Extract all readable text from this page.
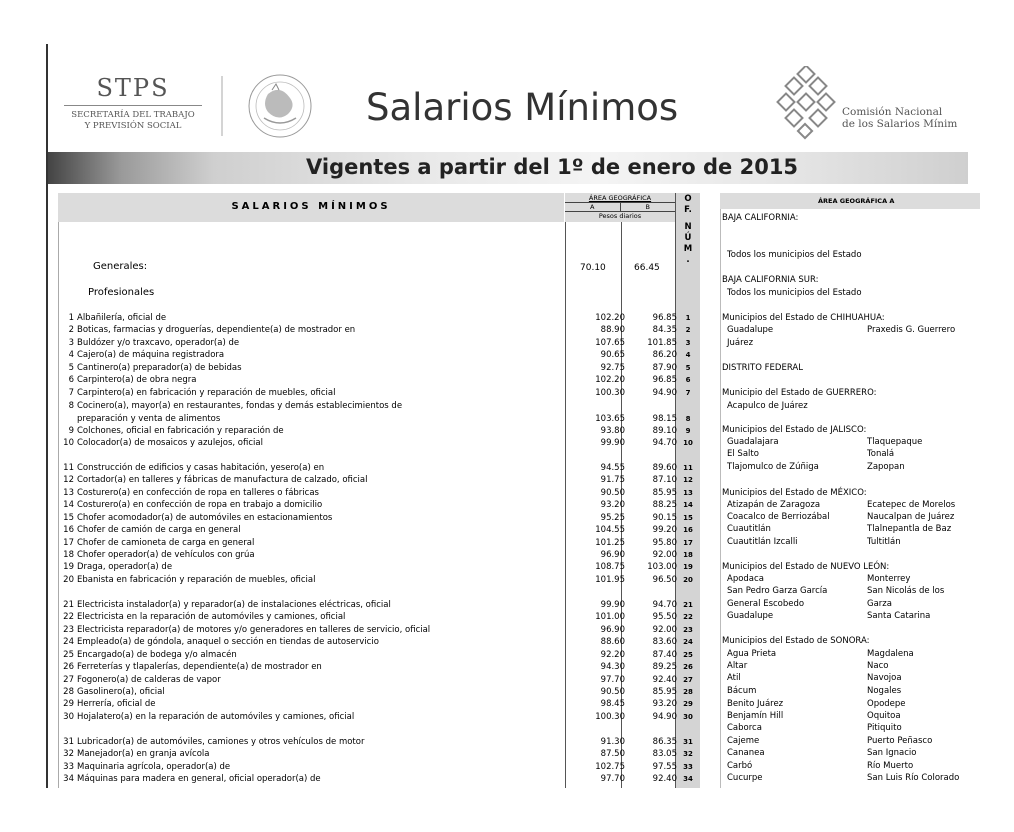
STPS
SECRETARÍA DEL TRABAJO
Y PREVISIÓN SOCIAL	Salarios Mínimos	Comisión Nacional
de los Salarios Mínim
Vigentes a partir del 1º de enero de 2015
SALARIOS MÍNIMOS
ÁREA GEOGRÁFICA
A	B
Pesos diarios
O F.
N Ú M.
Generales:	70.10	66.45
Profesionales
1 Albañilería, oficial de	102.20	96.85	1
2 Boticas, farmacias y droguerías, dependiente(a) de mostrador en	88.90	84.35	2
3 Buldózer y/o traxcavo, operador(a) de	107.65	101.85	3
4 Cajero(a) de máquina registradora	90.65	86.20	4
5 Cantinero(a) preparador(a) de bebidas	92.75	87.90	5
6 Carpintero(a) de obra negra	102.20	96.85	6
7 Carpintero(a) en fabricación y reparación de muebles, oficial	100.30	94.90	7
8 Cocinero(a), mayor(a) en restaurantes, fondas y demás establecimientos de
preparación y venta de alimentos	103.65	98.15	8
9 Colchones, oficial en fabricación y reparación de	93.80	89.10	9
10 Colocador(a) de mosaicos y azulejos, oficial	99.90	94.70 10
11 Construcción de edificios y casas habitación, yesero(a) en	94.55	89.60 11
12 Cortador(a) en talleres y fábricas de manufactura de calzado, oficial	91.75	87.10 12
13 Costurero(a) en confección de ropa en talleres o fábricas	90.50	85.95 13
14 Costurero(a) en confección de ropa en trabajo a domicilio	93.20	88.25 14
15 Chofer acomodador(a) de automóviles en estacionamientos	95.25	90.15 15
16 Chofer de camión de carga en general	104.55	99.20 16
17 Chofer de camioneta de carga en general	101.25	95.80 17
18 Chofer operador(a) de vehículos con grúa	96.90	92.00 18
19 Draga, operador(a) de	108.75	103.00 19
20 Ebanista en fabricación y reparación de muebles, oficial	101.95	96.50 20
21 Electricista instalador(a) y reparador(a) de instalaciones eléctricas, oficial	99.90	94.70 21
22 Electricista en la reparación de automóviles y camiones, oficial	101.00	95.50 22
23 Electricista reparador(a) de motores y/o generadores en talleres de servicio, oficial	96.90	92.00 23
24 Empleado(a) de góndola, anaquel o sección en tiendas de autoservicio	88.60	83.60 24
25 Encargado(a) de bodega y/o almacén	92.20	87.40 25
26 Ferreterías y tlapalerías, dependiente(a) de mostrador en	94.30	89.25 26
27 Fogonero(a) de calderas de vapor	97.70	92.40 27
28 Gasolinero(a), oficial	90.50	85.95 28
29 Herrería, oficial de	98.45	93.20 29
30 Hojalatero(a) en la reparación de automóviles y camiones, oficial	100.30	94.90 30
31 Lubricador(a) de automóviles, camiones y otros vehículos de motor	91.30	86.35 31
32 Manejador(a) en granja avícola	87.50	83.05 32
33 Maquinaria agrícola, operador(a) de	102.75	97.55 33
34 Máquinas para madera en general, oficial operador(a) de	97.70	92.40 34
ÁREA GEOGRÁFICA A
BAJA CALIFORNIA:
Todos los municipios del Estado
BAJA CALIFORNIA SUR:
Todos los municipios del Estado
Municipios del Estado de CHIHUAHUA:
Guadalupe	Praxedis G. Guerrero
Juárez
DISTRITO FEDERAL
Municipio del Estado de GUERRERO:
Acapulco de Juárez
Municipios del Estado de JALISCO:
Guadalajara	Tlaquepaque
El Salto	Tonalá
Tlajomulco de Zúñiga	Zapopan
Municipios del Estado de MÉXICO:
Atizapán de Zaragoza	Ecatepec de Morelos
Coacalco de Berriozábal	Naucalpan de Juárez
Cuautitlán	Tlalnepantla de Baz
Cuautitlán Izcalli	Tultitlán
Municipios del Estado de NUEVO LEÓN:
Apodaca	Monterrey
San Pedro Garza García	San Nicolás de los
General Escobedo	Garza
Guadalupe	Santa Catarina
Municipios del Estado de SONORA:
Agua Prieta	Magdalena
Altar	Naco
Atil	Navojoa
Bácum	Nogales
Benito Juárez	Opodepe
Benjamín Hill	Oquitoa
Caborca	Pitiquito
Cajeme	Puerto Peñasco
Cananea	San Ignacio
Carbó	Río Muerto
Cucurpe	San Luis Río Colorado
